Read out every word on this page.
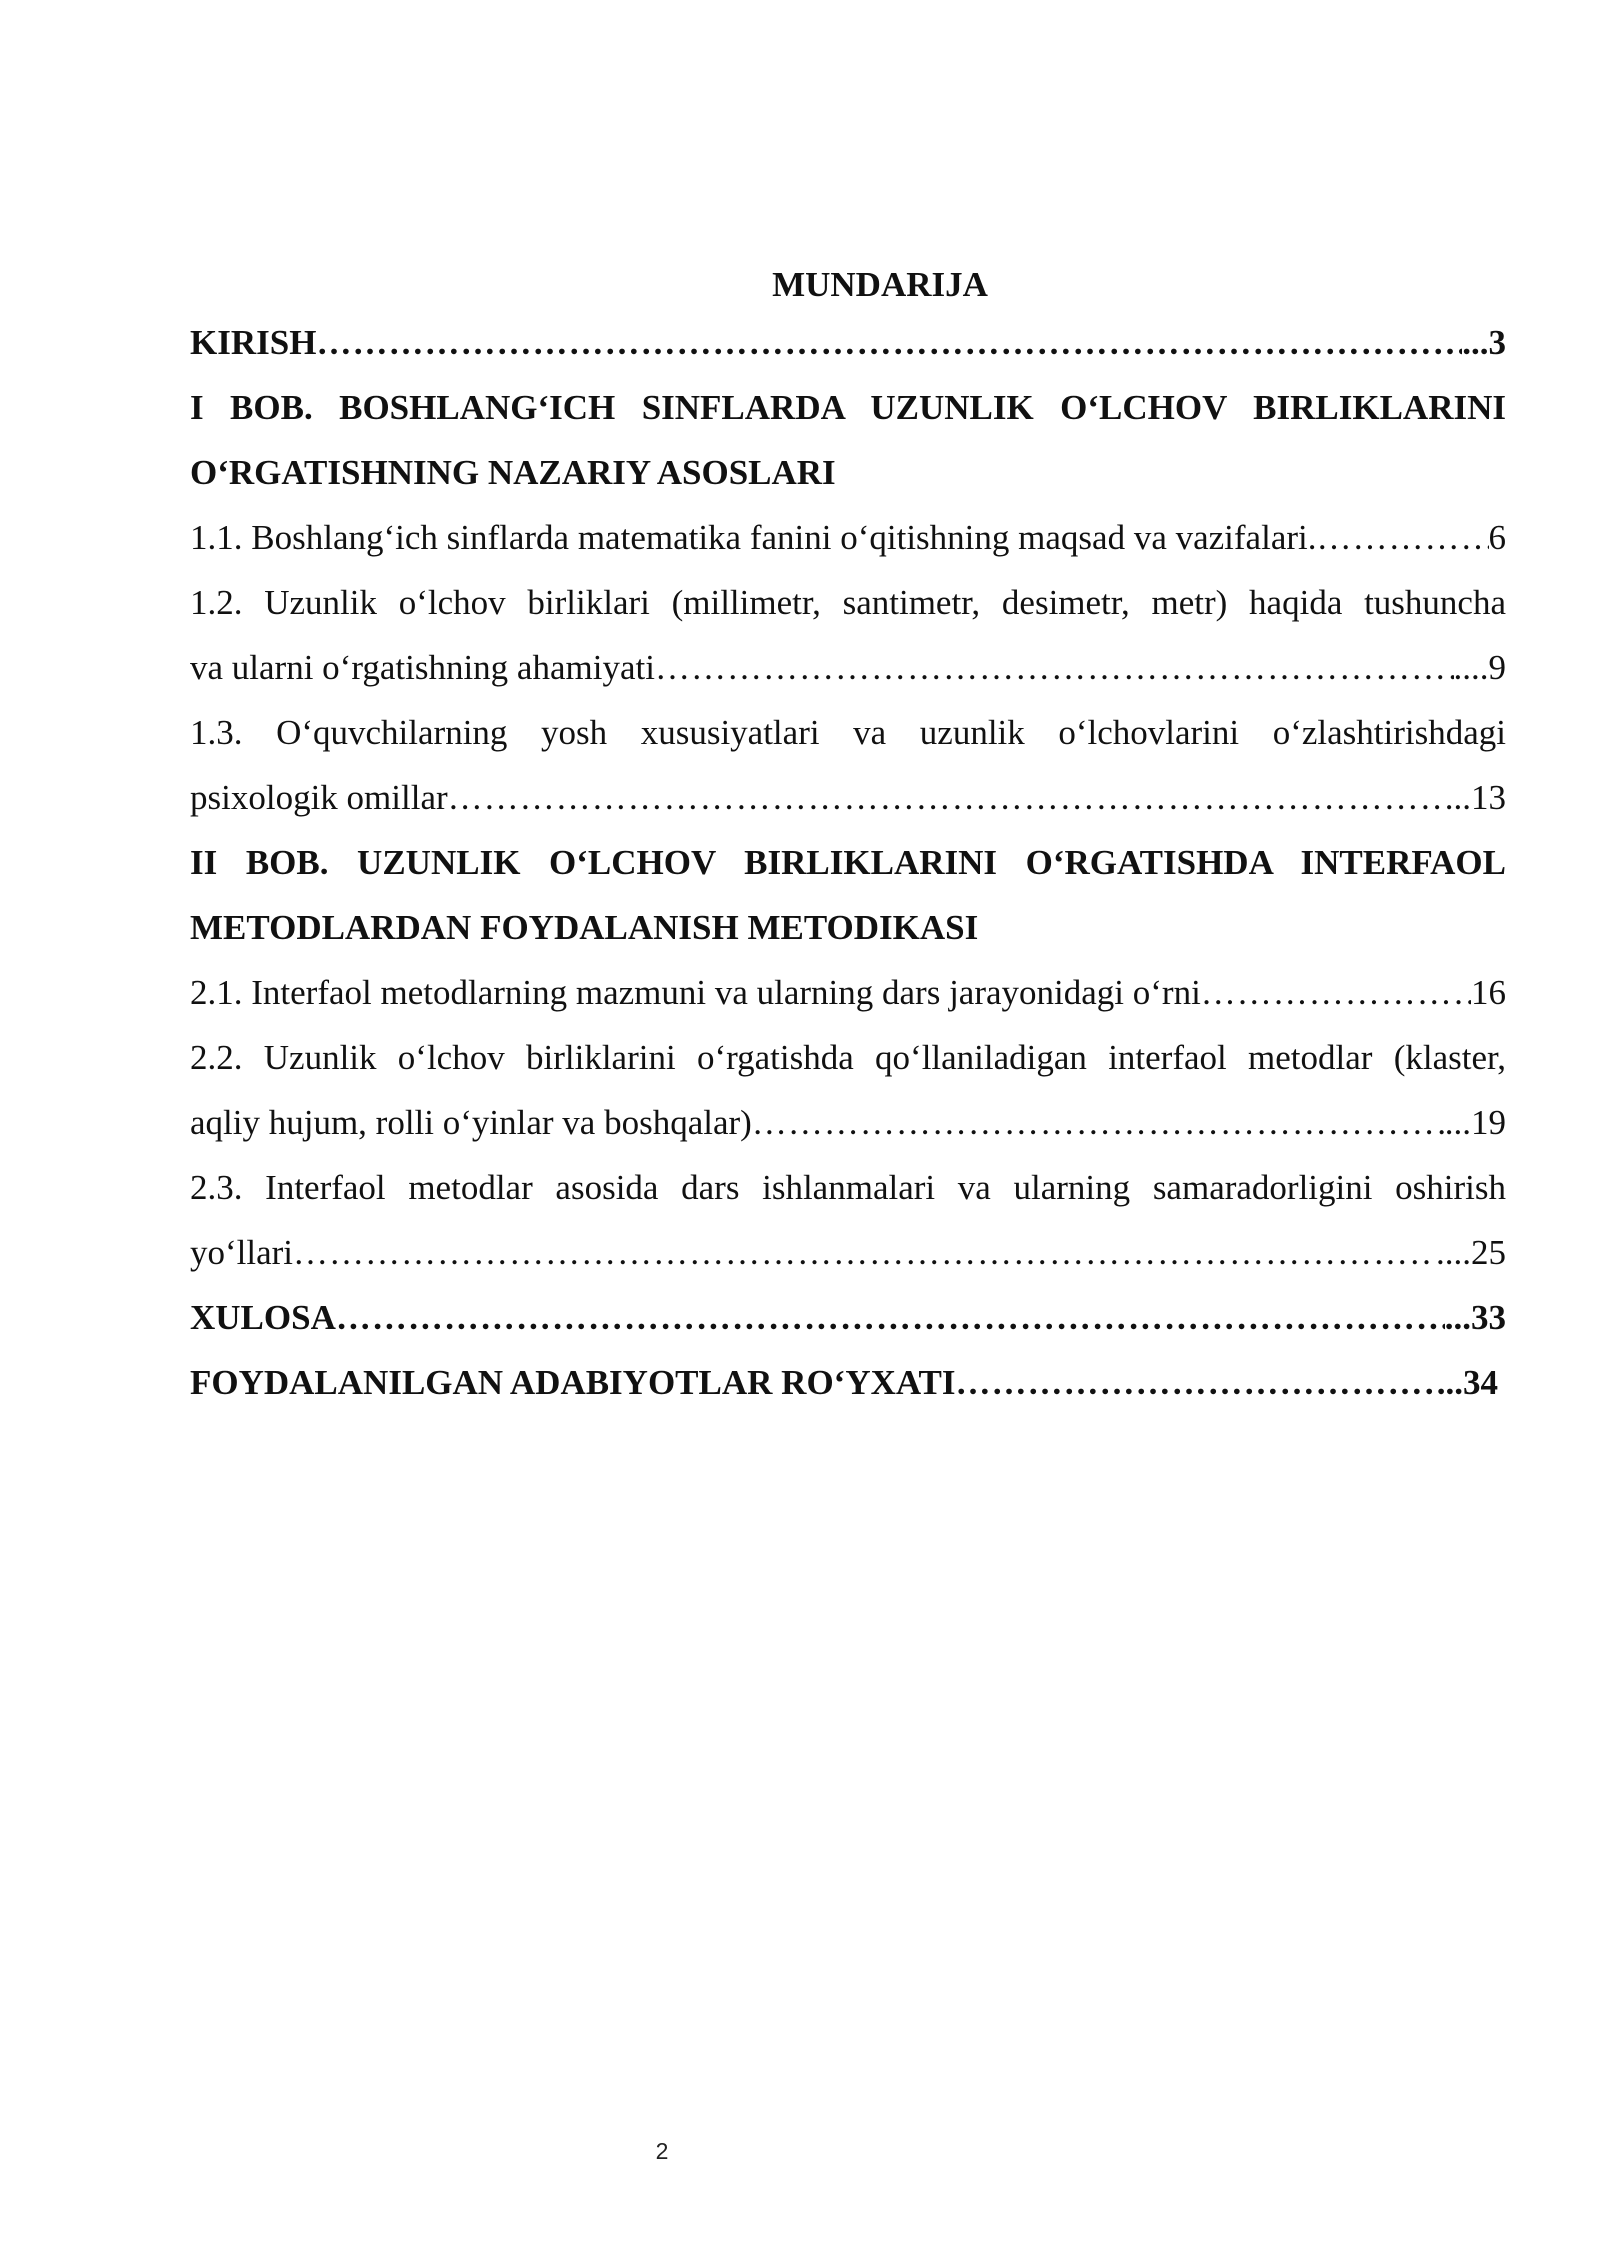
MUNDARIJA
KIRISH ……………………………………………………………………………………………………………………………………………………………………………………………………………………………………………………	...3
I BOB. BOSHLANG‘ICH SINFLARDA UZUNLIK O‘LCHOV BIRLIKLARINI
O‘RGATISHNING NAZARIY ASOSLARI
1.1. Boshlang‘ich sinflarda matematika fanini o‘qitishning maqsad va vazifalari. ……………………………………………………………………………………………………………………………………………………………………………………………………………………………………………………	6
1.2. Uzunlik o‘lchov birliklari (millimetr, santimetr, desimetr, metr) haqida tushuncha
va ularni o‘rgatishning ahamiyati ……………………………………………………………………………………………………………………………………………………………………………………………………………………………………………………	....9
1.3. O‘quvchilarning yosh xususiyatlari va uzunlik o‘lchovlarini o‘zlashtirishdagi
psixologik omillar ……………………………………………………………………………………………………………………………………………………………………………………………………………………………………………………	...13
II BOB. UZUNLIK O‘LCHOV BIRLIKLARINI O‘RGATISHDA INTERFAOL
METODLARDAN FOYDALANISH METODIKASI
2.1. Interfaol metodlarning mazmuni va ularning dars jarayonidagi o‘rni ……………………………………………………………………………………………………………………………………………………………………………………………………………………………………………………	16
2.2. Uzunlik o‘lchov birliklarini o‘rgatishda qo‘llaniladigan interfaol metodlar (klaster,
aqliy hujum, rolli o‘yinlar va boshqalar) ……………………………………………………………………………………………………………………………………………………………………………………………………………………………………………………	...19
2.3. Interfaol metodlar asosida dars ishlanmalari va ularning samaradorligini oshirish
yo‘llari ……………………………………………………………………………………………………………………………………………………………………………………………………………………………………………………	....25
XULOSA ……………………………………………………………………………………………………………………………………………………………………………………………………………………………………………………	...33
FOYDALANILGAN ADABIYOTLAR RO‘YXATI ……………………………………………………………………………………………………………………………………………………………………………………………………………………………………………………	...34
2
